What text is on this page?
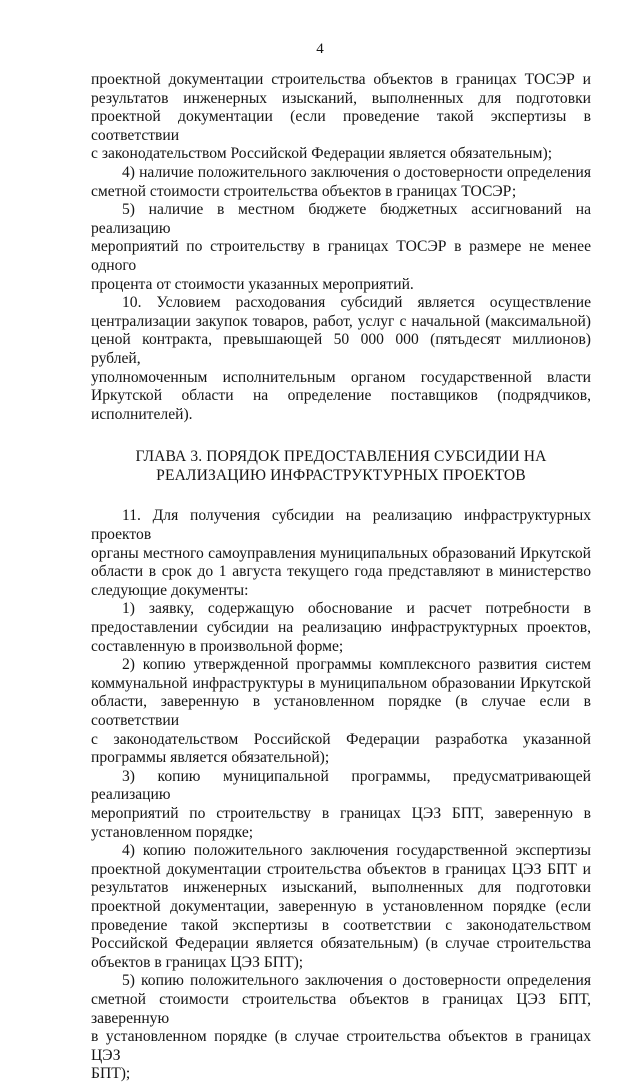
4

проектной документации строительства объектов в границах ТОСЭР и
результатов инженерных изысканий, выполненных для подготовки
проектной документации (если проведение такой экспертизы в соответствии
с законодательством Российской Федерации является обязательным);

4) наличие положительного заключения о достоверности определения
сметной стоимости строительства объектов в границах ТОСЭР;

5) наличие в местном бюджете бюджетных ассигнований на реализацию
мероприятий по строительству в границах ТОСЭР в размере не менее одного
процента от стоимости указанных мероприятий.

10. Условием расходования субсидий является осуществление
централизации закупок товаров, работ, услуг с начальной (максимальной)
ценой контракта, превышающей 50 000 000 (пятьдесят миллионов) рублей,
уполномоченным исполнительным органом государственной власти
Иркутской области на определение поставщиков (подрядчиков,
исполнителей).

ГЛАВА 3. ПОРЯДОК ПРЕДОСТАВЛЕНИЯ СУБСИДИИ НА
РЕАЛИЗАЦИЮ ИНФРАСТРУКТУРНЫХ ПРОЕКТОВ

11. Для получения субсидии на реализацию инфраструктурных проектов
органы местного самоуправления муниципальных образований Иркутской
области в срок до 1 августа текущего года представляют в министерство
следующие документы:

1) заявку, содержащую обоснование и расчет потребности в
предоставлении субсидии на реализацию инфраструктурных проектов,
составленную в произвольной форме;

2) копию утвержденной программы комплексного развития систем
коммунальной инфраструктуры в муниципальном образовании Иркутской
области, заверенную в установленном порядке (в случае если в соответствии
с законодательством Российской Федерации разработка указанной
программы является обязательной);

3) копию муниципальной программы, предусматривающей реализацию
мероприятий по строительству в границах ЦЭЗ БПТ, заверенную в
установленном порядке;

4) копию положительного заключения государственной экспертизы
проектной документации строительства объектов в границах ЦЭЗ БПТ и
результатов инженерных изысканий, выполненных для подготовки
проектной документации, заверенную в установленном порядке (если
проведение такой экспертизы в соответствии с законодательством
Российской Федерации является обязательным) (в случае строительства
объектов в границах ЦЭЗ БПТ);

5) копию положительного заключения о достоверности определения
сметной стоимости строительства объектов в границах ЦЭЗ БПТ, заверенную
в установленном порядке (в случае строительства объектов в границах ЦЭЗ
БПТ);
